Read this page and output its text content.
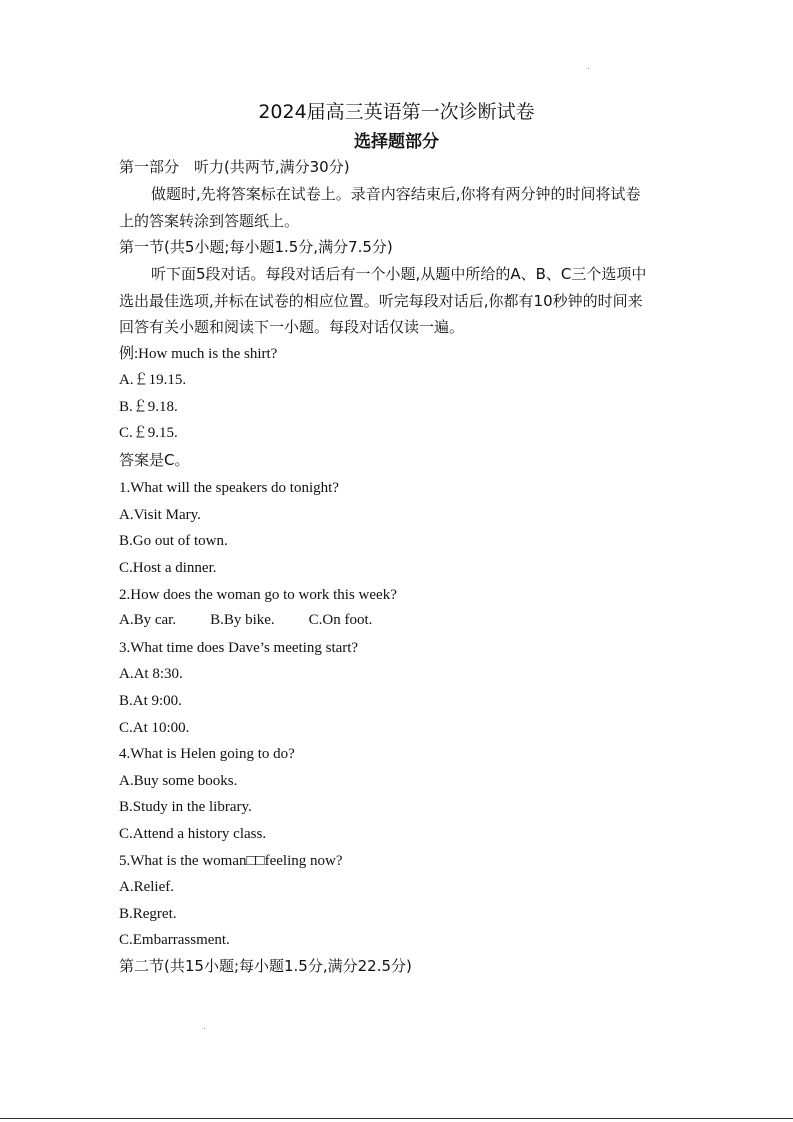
2024届高三英语第一次诊断试卷
选择题部分
第一部分　听力(共两节,满分30分)
做题时,先将答案标在试卷上。录音内容结束后,你将有两分钟的时间将试卷
上的答案转涂到答题纸上。
第一节(共5小题;每小题1.5分,满分7.5分)
听下面5段对话。每段对话后有一个小题,从题中所给的A、B、C三个选项中
选出最佳选项,并标在试卷的相应位置。听完每段对话后,你都有10秒钟的时间来
回答有关小题和阅读下一小题。每段对话仅读一遍。
例:How much is the shirt?
A.￡19.15.
B.￡9.18.
C.￡9.15.
答案是C。
1.What will the speakers do tonight?
A.Visit Mary.
B.Go out of town.
C.Host a dinner.
2.How does the woman go to work this week?
A.By car. B.By bike. C.On foot.
3.What time does Dave’s meeting start?
A.At 8:30.
B.At 9:00.
C.At 10:00.
4.What is Helen going to do?
A.Buy some books.
B.Study in the library.
C.Attend a history class.
5.What is the woman□□feeling now?
A.Relief.
B.Regret.
C.Embarrassment.
第二节(共15小题;每小题1.5分,满分22.5分)
